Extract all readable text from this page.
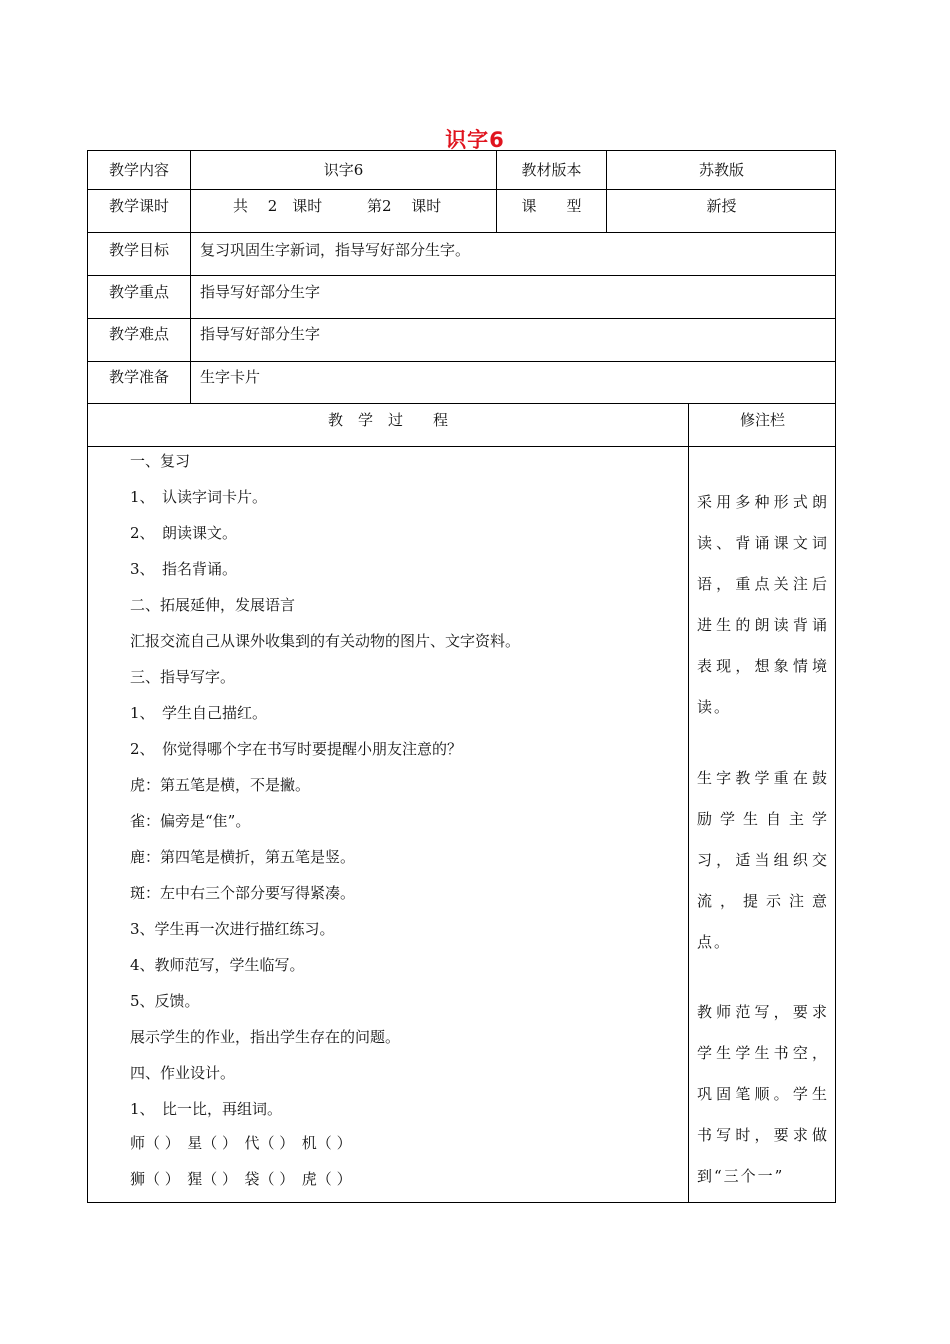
识字6
教学内容	识字6	教材版本	苏教版
教学课时	共　 2　课时	第2　 课时	课　　型	新授
教学目标	复习巩固生字新词，指导写好部分生字。
教学重点	指导写好部分生字
教学难点	指导写好部分生字
教学准备	生字卡片
教　学　过　　程	修注栏
一、复习
1、　认读字词卡片。
2、　朗读课文。
3、　指名背诵。
二、拓展延伸，发展语言
汇报交流自己从课外收集到的有关动物的图片、文字资料。
三、指导写字。
1、　学生自己描红。
2、　你觉得哪个字在书写时要提醒小朋友注意的？
虎：第五笔是横，不是撇。
雀：偏旁是“隹”。
鹿：第四笔是横折，第五笔是竖。
斑：左中右三个部分要写得紧凑。
3、学生再一次进行描红练习。
4、教师范写，学生临写。
5、反馈。
展示学生的作业，指出学生存在的问题。
四、作业设计。
1、　比一比，再组词。
师（ ）　星（ ）　代（ ）　机（ ）
狮（ ）　猩（ ）　袋（ ）　虎（ ）
采用多种形式朗读、背诵课文词语，重点关注后进生的朗读背诵表现，想象情境读。
生字教学重在鼓励学生自主学习，适当组织交流，提示注意点。
教师范写，要求学生学生书空，巩固笔顺。学生书写时，要求做到“三个一”
